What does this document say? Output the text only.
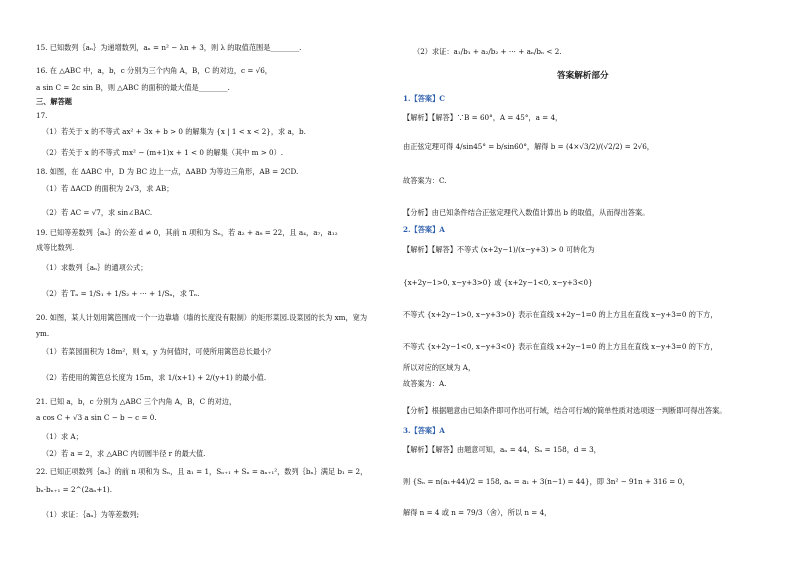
15. 已知数列｛aₙ｝为递增数列，aₙ = n² − λn + 3，则 λ 的取值范围是________.
16. 在 △ABC 中，a，b，c 分别为三个内角 A，B，C 的对边，c = √6，
a sin C = 2c sin B，则 △ABC 的面积的最大值是________.
三、解答题
17.
（1）若关于 x 的不等式 ax² + 3x + b > 0 的解集为 {x | 1 < x < 2}，求 a，b.
（2）若关于 x 的不等式 mx² − (m+1)x + 1 < 0 的解集（其中 m > 0）.
18. 如图，在 ΔABC 中，D 为 BC 边上一点，ΔABD 为等边三角形，AB = 2CD.
（1）若 ΔACD 的面积为 2√3，求 AB；
（2）若 AC = √7，求 sin∠BAC.
19. 已知等差数列｛aₙ｝的公差 d ≠ 0，其前 n 项和为 Sₙ，若 a₂ + a₈ = 22，且 a₄，a₇，a₁₂
成等比数列.
（1）求数列｛aₙ｝的通项公式；
（2）若 Tₙ = 1/S₁ + 1/S₂ + ⋯ + 1/Sₙ，求 Tₙ.
20. 如图，某人计划用篱笆围成一个一边靠墙（墙的长度没有限制）的矩形菜园.设菜园的长为 xm，宽为
ym.
（1）若菜园面积为 18m²，则 x，y 为何值时，可使所用篱笆总长最小？
（2）若使用的篱笆总长度为 15m，求 1/(x+1) + 2/(y+1) 的最小值.
21. 已知 a，b，c 分别为 △ABC 三个内角 A，B，C 的对边，
a cos C + √3 a sin C − b − c = 0.
（1）求 A；
（2）若 a = 2，求 △ABC 内切圆半径 r 的最大值.
22. 已知正项数列｛aₙ｝的前 n 项和为 Sₙ，且 a₁ = 1，Sₙ₊₁ + Sₙ = aₙ₊₁²，数列｛bₙ｝满足 b₁ = 2，
bₙ·bₙ₊₁ = 2^(2aₙ+1).
（1）求证：｛aₙ｝为等差数列;
（2）求证：a₁/b₁ + a₂/b₂ + ⋯ + aₙ/bₙ < 2.
答案解析部分
1.【答案】C
【解析】【解答】∵B = 60°，A = 45°，a = 4，
由正弦定理可得 4/sin45° = b/sin60°，解得 b = (4×√3/2)/(√2/2) = 2√6，
故答案为：C.
【分析】由已知条件结合正弦定理代入数值计算出 b 的取值，从而得出答案。
2.【答案】A
【解析】【解答】不等式 (x+2y−1)/(x−y+3) > 0 可转化为
{x+2y−1>0, x−y+3>0} 或 {x+2y−1<0, x−y+3<0}
不等式 {x+2y−1>0, x−y+3>0} 表示在直线 x+2y−1=0 的上方且在直线 x−y+3=0 的下方，
不等式 {x+2y−1<0, x−y+3<0} 表示在直线 x+2y−1=0 的上方且在直线 x−y+3=0 的下方，
所以对应的区域为 A，
故答案为：A.
【分析】根据题意由已知条件即可作出可行域，结合可行域的简单性质对选项逐一判断即可得出答案。
3.【答案】A
【解析】【解答】由题意可知，aₙ = 44，Sₙ = 158，d = 3，
则 {Sₙ = n(a₁+44)/2 = 158, aₙ = a₁ + 3(n−1) = 44}，即 3n² − 91n + 316 = 0，
解得 n = 4 或 n = 79/3（舍），所以 n = 4，
